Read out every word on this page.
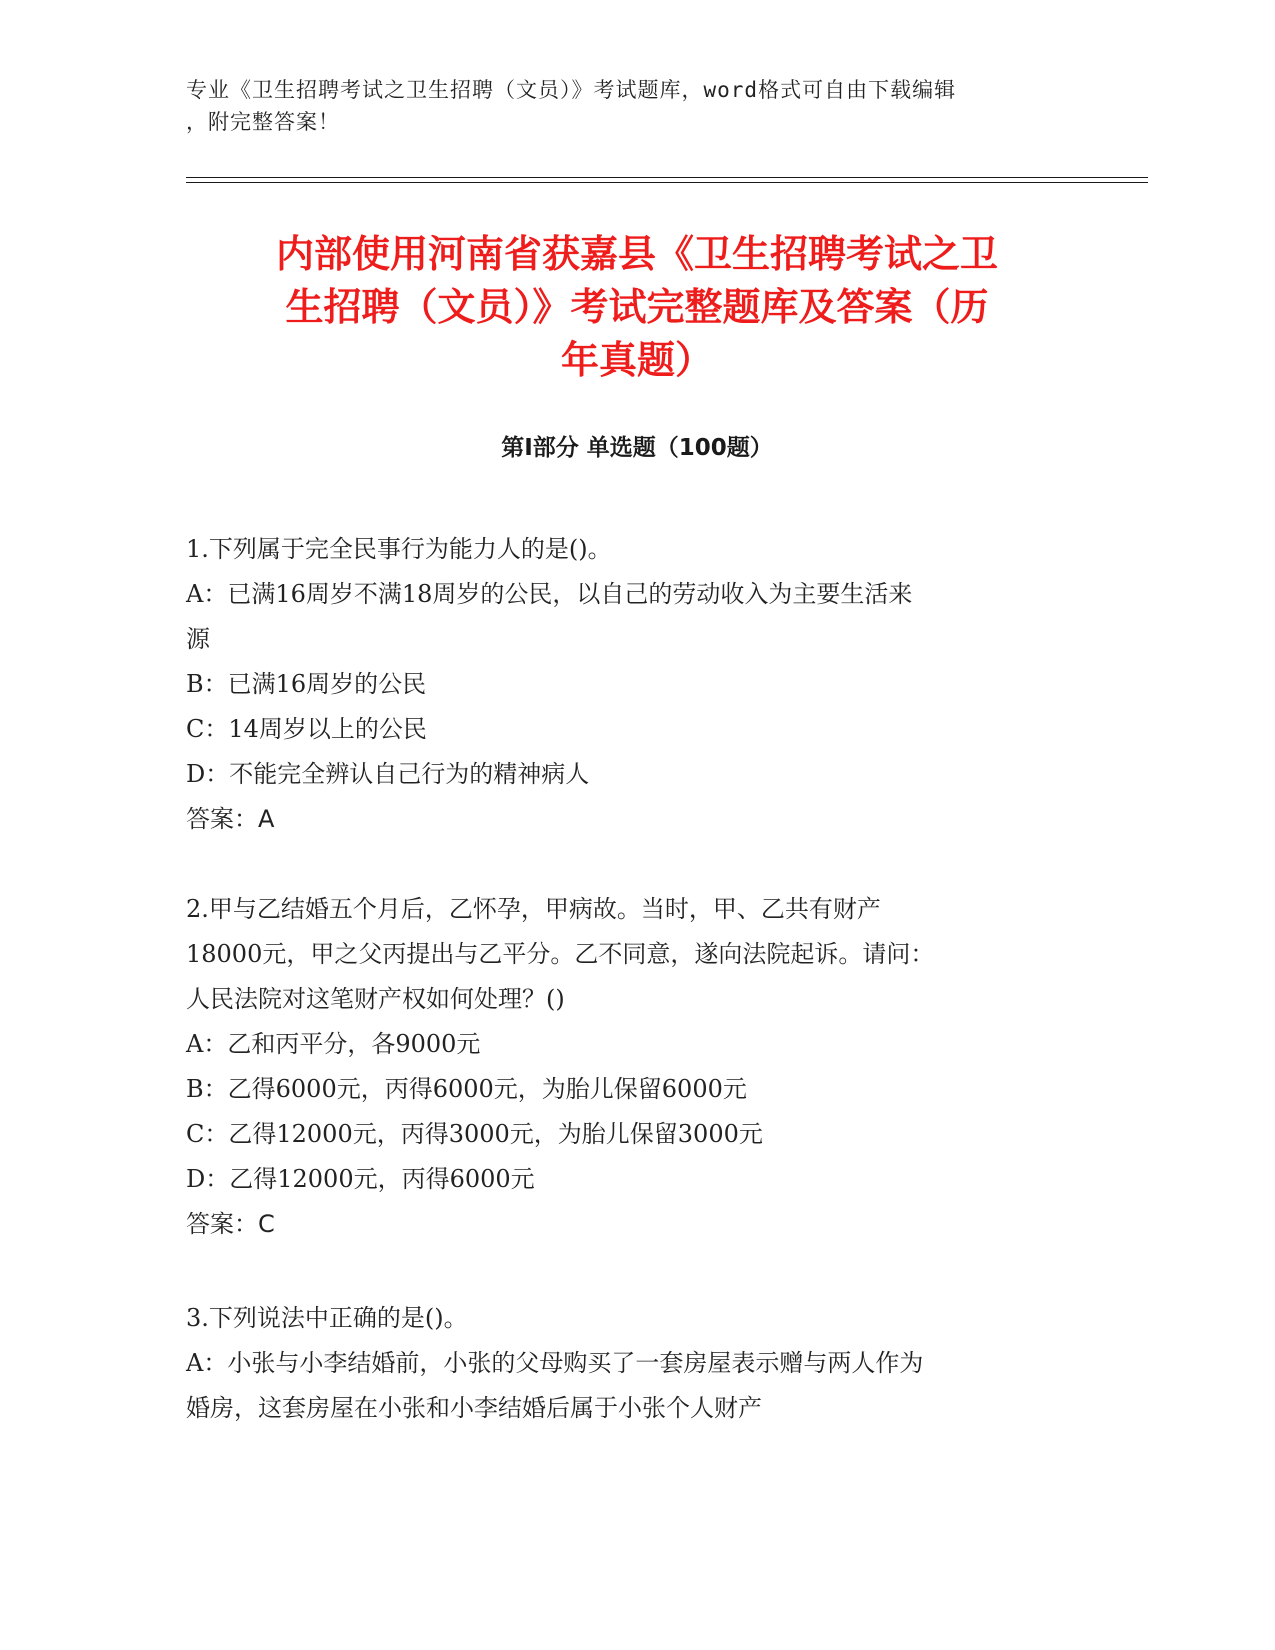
专业《卫生招聘考试之卫生招聘（文员）》考试题库，word格式可自由下载编辑

，附完整答案！

内部使用河南省获嘉县《卫生招聘考试之卫
生招聘（文员）》考试完整题库及答案（历
年真题）
第Ⅰ部分 单选题（100题）

1.下列属于完全民事行为能力人的是()。

A：已满16周岁不满18周岁的公民，以自己的劳动收入为主要生活来
源

B：已满16周岁的公民

C：14周岁以上的公民

D：不能完全辨认自己行为的精神病人

答案：A

2.甲与乙结婚五个月后，乙怀孕，甲病故。当时，甲、乙共有财产
18000元，甲之父丙提出与乙平分。乙不同意，遂向法院起诉。请问：
人民法院对这笔财产权如何处理？()

A：乙和丙平分，各9000元

B：乙得6000元，丙得6000元，为胎儿保留6000元

C：乙得12000元，丙得3000元，为胎儿保留3000元

D：乙得12000元，丙得6000元

答案：C

3.下列说法中正确的是()。

A：小张与小李结婚前，小张的父母购买了一套房屋表示赠与两人作为
婚房，这套房屋在小张和小李结婚后属于小张个人财产
